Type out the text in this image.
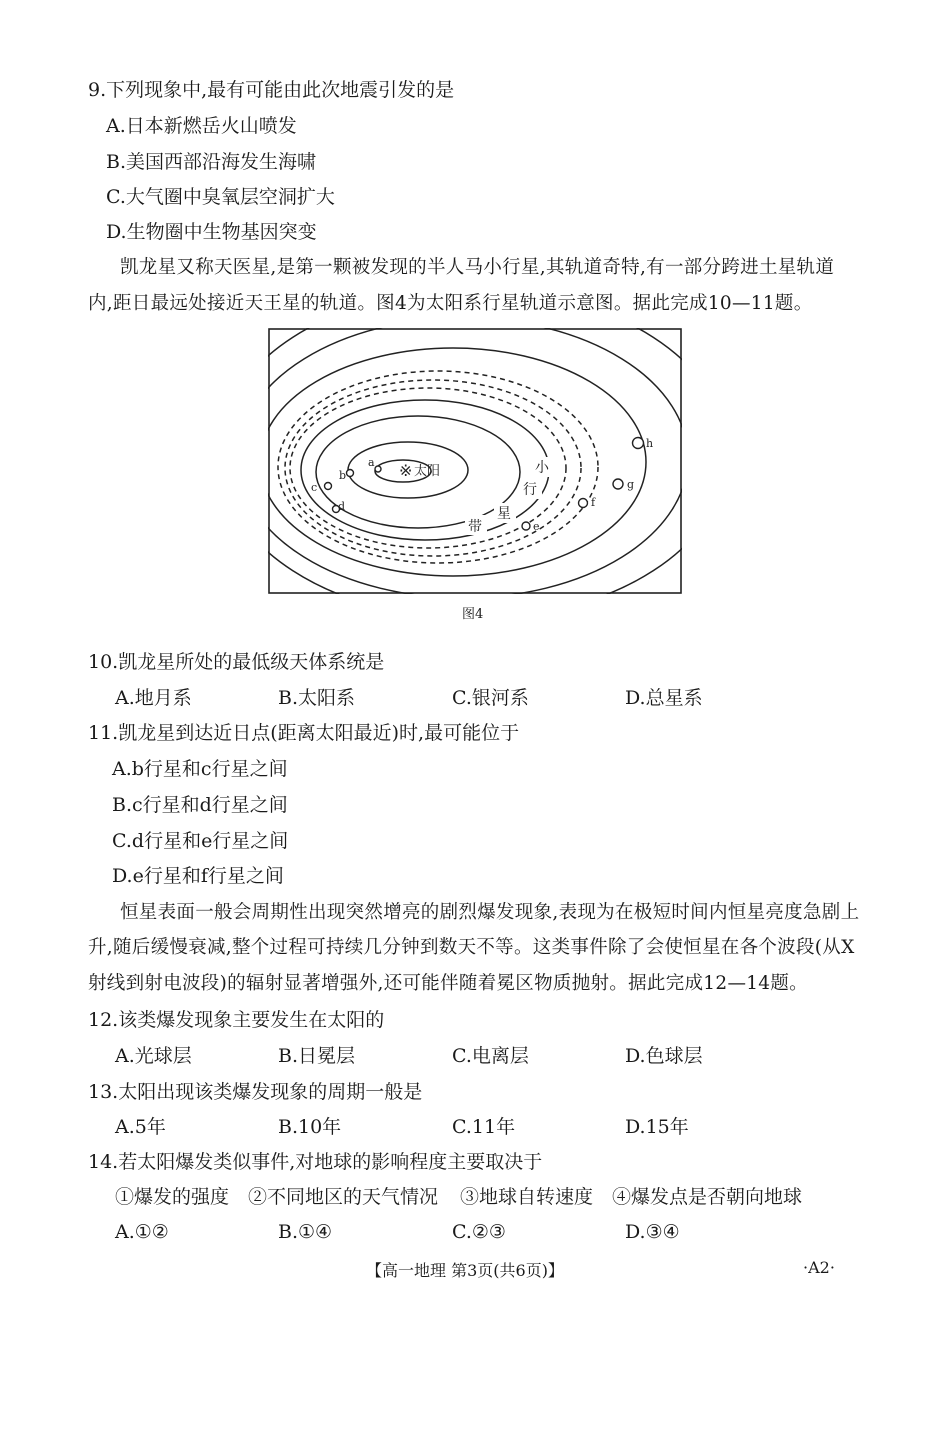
9.下列现象中,最有可能由此次地震引发的是
A.日本新燃岳火山喷发
B.美国西部沿海发生海啸
C.大气圈中臭氧层空洞扩大
D.生物圈中生物基因突变
凯龙星又称天医星,是第一颗被发现的半人马小行星,其轨道奇特,有一部分跨进土星轨道
内,距日最远处接近天王星的轨道。图4为太阳系行星轨道示意图。据此完成10—11题。
※ 太阳	小
行
星
带
a
b
c
d
e
f
g
h
图4
10.凯龙星所处的最低级天体系统是
A.地月系	B.太阳系	C.银河系	D.总星系
11.凯龙星到达近日点(距离太阳最近)时,最可能位于
A.b行星和c行星之间
B.c行星和d行星之间
C.d行星和e行星之间
D.e行星和f行星之间
恒星表面一般会周期性出现突然增亮的剧烈爆发现象,表现为在极短时间内恒星亮度急剧上
升,随后缓慢衰减,整个过程可持续几分钟到数天不等。这类事件除了会使恒星在各个波段(从X
射线到射电波段)的辐射显著增强外,还可能伴随着冕区物质抛射。据此完成12—14题。
12.该类爆发现象主要发生在太阳的
A.光球层	B.日冕层	C.电离层	D.色球层
13.太阳出现该类爆发现象的周期一般是
A.5年	B.10年	C.11年	D.15年
14.若太阳爆发类似事件,对地球的影响程度主要取决于
①爆发的强度 ②不同地区的天气情况 ③地球自转速度 ④爆发点是否朝向地球
A.①②	B.①④	C.②③	D.③④
【高一地理 第3页(共6页)】	·A2·
